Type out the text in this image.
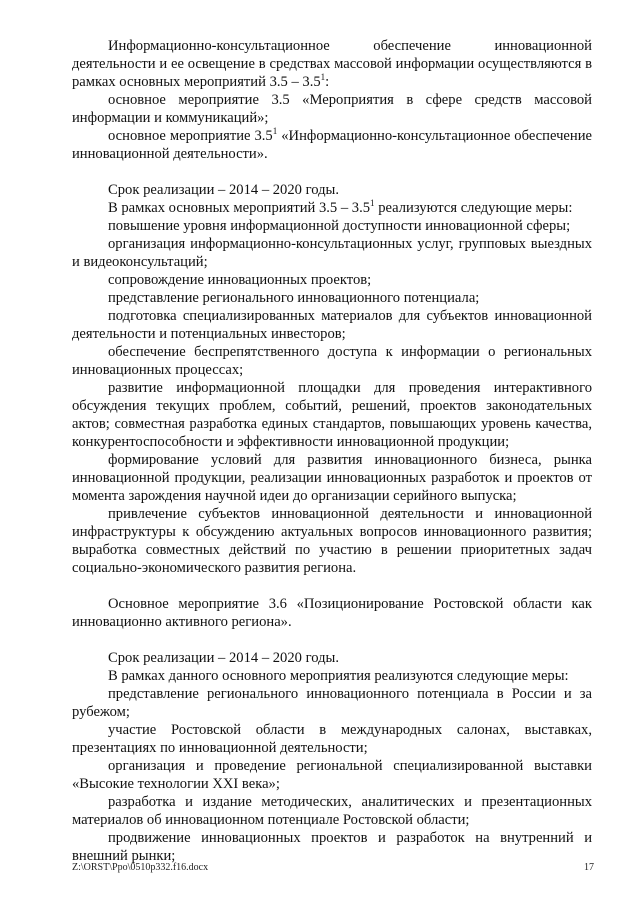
Информационно-консультационное обеспечение инновационной деятельности и ее освещение в средствах массовой информации осуществляются в рамках основных мероприятий $3.5 - 3.5^1$:

основное мероприятие 3.5 «Мероприятия в сфере средств массовой информации и коммуникаций»;

основное мероприятие $3.5^1$ «Информационно-консультационное обеспечение инновационной деятельности».

Срок реализации – 2014 – 2020 годы.

В рамках основных мероприятий $3.5 - 3.5^1$ реализуются следующие меры:

повышение уровня информационной доступности инновационной сферы;

организация информационно-консультационных услуг, групповых выездных и видеоконсультаций;

сопровождение инновационных проектов;

представление регионального инновационного потенциала;

подготовка специализированных материалов для субъектов инновационной деятельности и потенциальных инвесторов;

обеспечение беспрепятственного доступа к информации о региональных инновационных процессах;

развитие информационной площадки для проведения интерактивного обсуждения текущих проблем, событий, решений, проектов законодательных актов; совместная разработка единых стандартов, повышающих уровень качества, конкурентоспособности и эффективности инновационной продукции;

формирование условий для развития инновационного бизнеса, рынка инновационной продукции, реализации инновационных разработок и проектов от момента зарождения научной идеи до организации серийного выпуска;

привлечение субъектов инновационной деятельности и инновационной инфраструктуры к обсуждению актуальных вопросов инновационного развития; выработка совместных действий по участию в решении приоритетных задач социально-экономического развития региона.

Основное мероприятие 3.6 «Позиционирование Ростовской области как инновационно активного региона».

Срок реализации – 2014 – 2020 годы.

В рамках данного основного мероприятия реализуются следующие меры:

представление регионального инновационного потенциала в России и за рубежом;

участие Ростовской области в международных салонах, выставках, презентациях по инновационной деятельности;

организация и проведение региональной специализированной выставки «Высокие технологии XXI века»;

разработка и издание методических, аналитических и презентационных материалов об инновационном потенциале Ростовской области;

продвижение инновационных проектов и разработок на внутренний и внешний рынки;

Z:\ORST\Ppo\0510p332.f16.docx	17
